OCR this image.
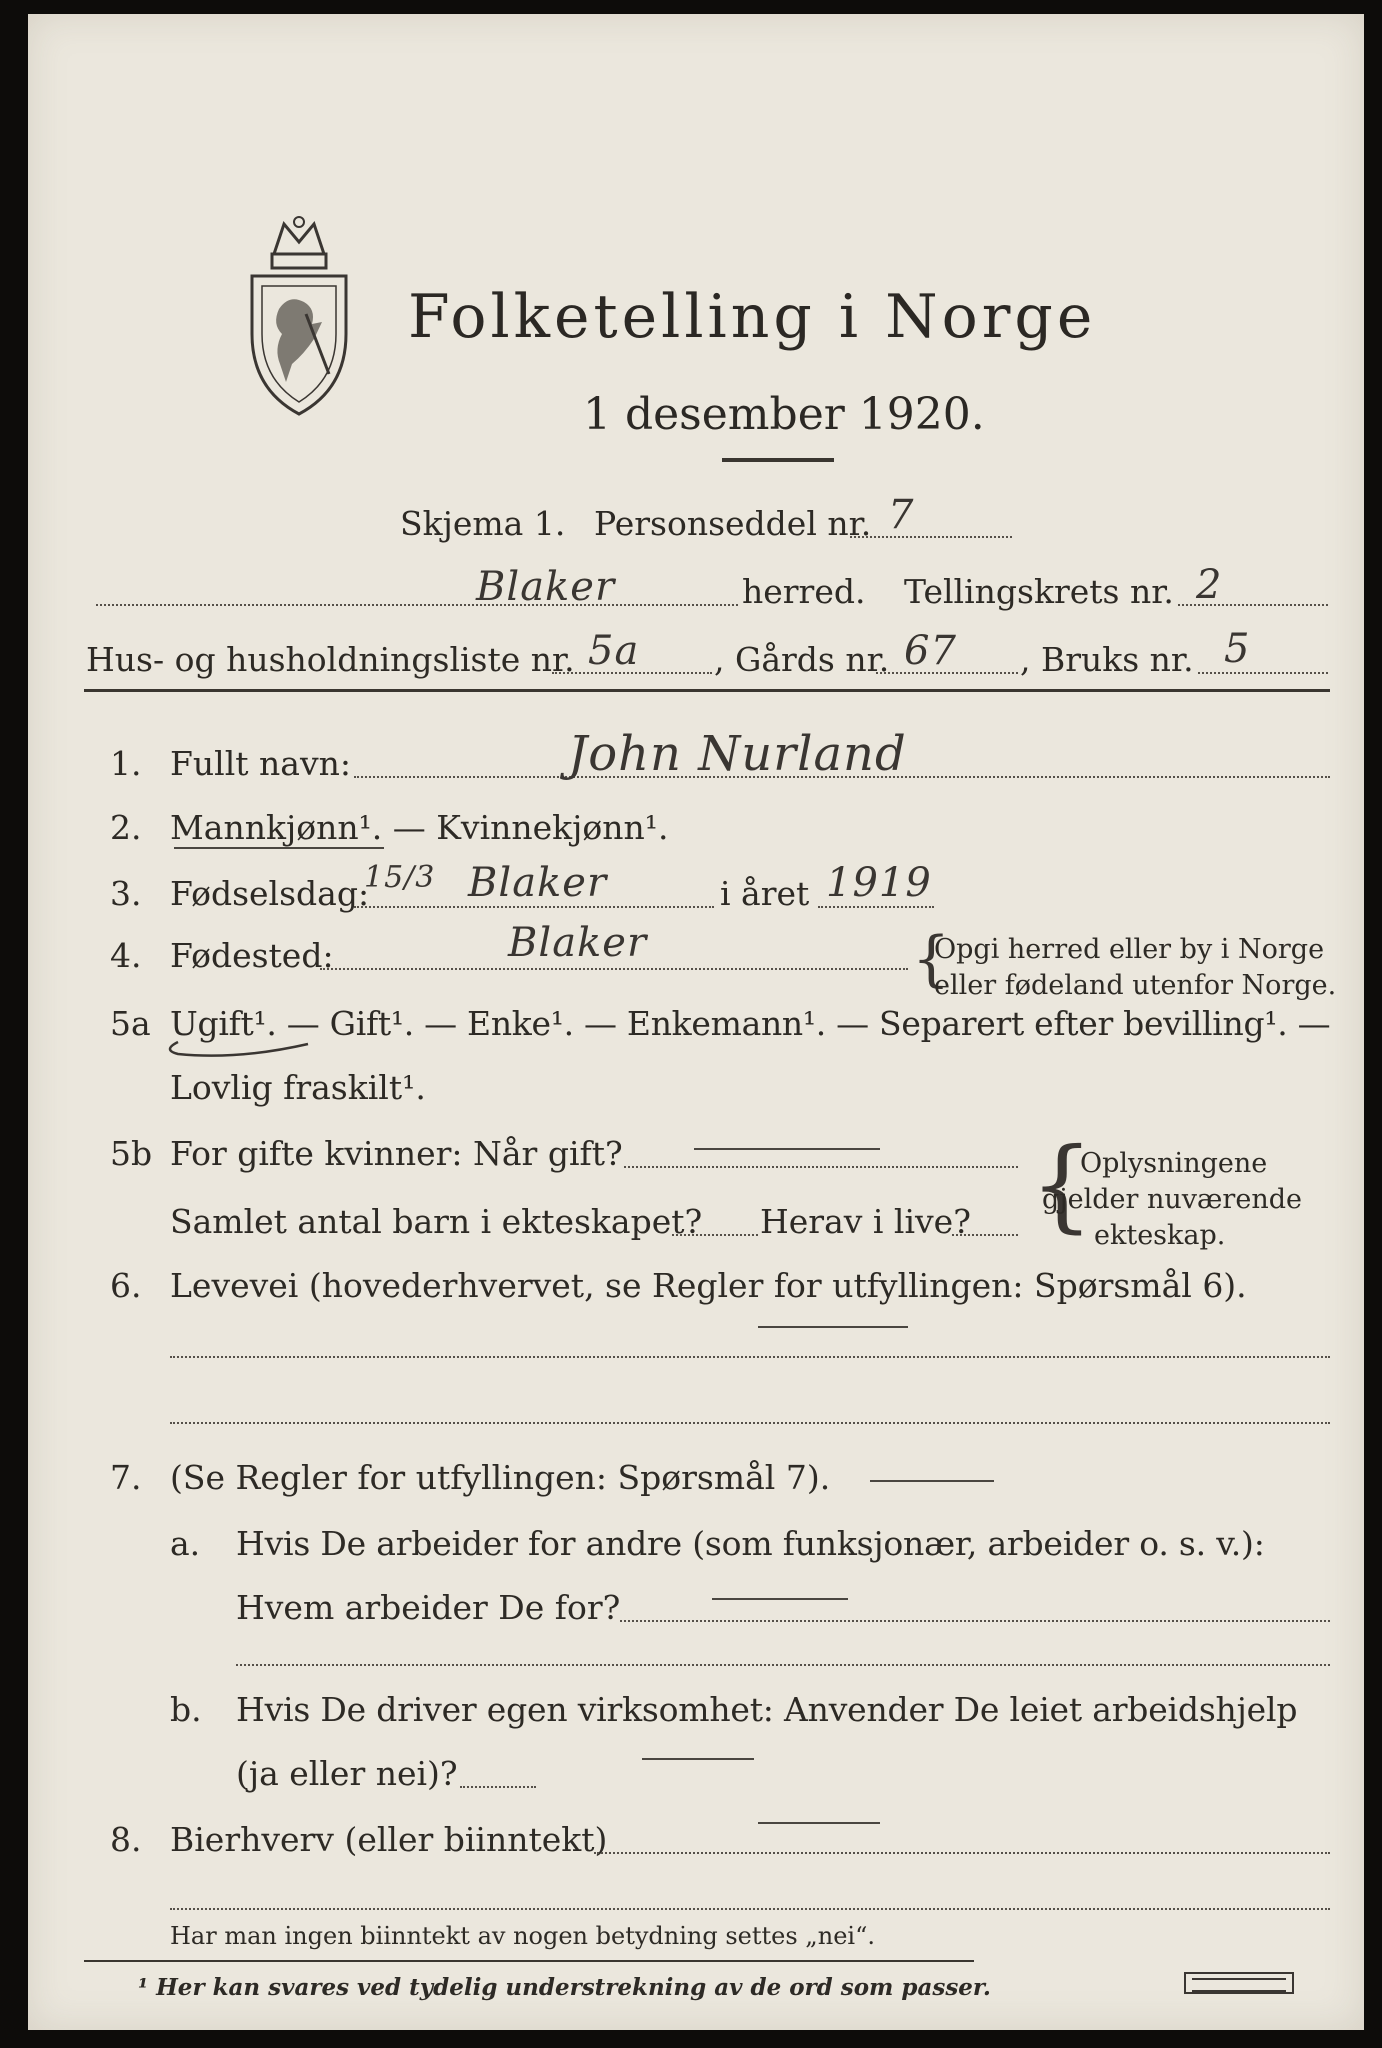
Folketelling i Norge
1 desember 1920.
Skjema 1. Personseddel nr. 7
Blaker	herred. Tellingskrets nr. 2
Hus- og husholdningsliste nr. 5a , Gårds nr. 67 , Bruks nr. 5
1. Fullt navn:	John Nurland
2. Mannkjønn¹. — Kvinnekjønn¹.
3. Fødselsdag:
15/3 Blaker	i året 1919
4. Fødested:	Blaker	{
Opgi herred eller by i Norge
eller fødeland utenfor Norge.
5a Ugift¹. — Gift¹. — Enke¹. — Enkemann¹. — Separert efter bevilling¹. —
Lovlig fraskilt¹.
5b For gifte kvinner: Når gift?
Samlet antal barn i ekteskapet? Herav i live? {
Oplysningene
gjelder nuværende
ekteskap.
6. Levevei (hovederhvervet, se Regler for utfyllingen: Spørsmål 6).
7. (Se Regler for utfyllingen: Spørsmål 7).
a. Hvis De arbeider for andre (som funksjonær, arbeider o. s. v.):
Hvem arbeider De for?
b. Hvis De driver egen virksomhet: Anvender De leiet arbeidshjelp
(ja eller nei)?
8. Bierhverv (eller biinntekt)
Har man ingen biinntekt av nogen betydning settes „nei“.
¹ Her kan svares ved tydelig understrekning av de ord som passer.
